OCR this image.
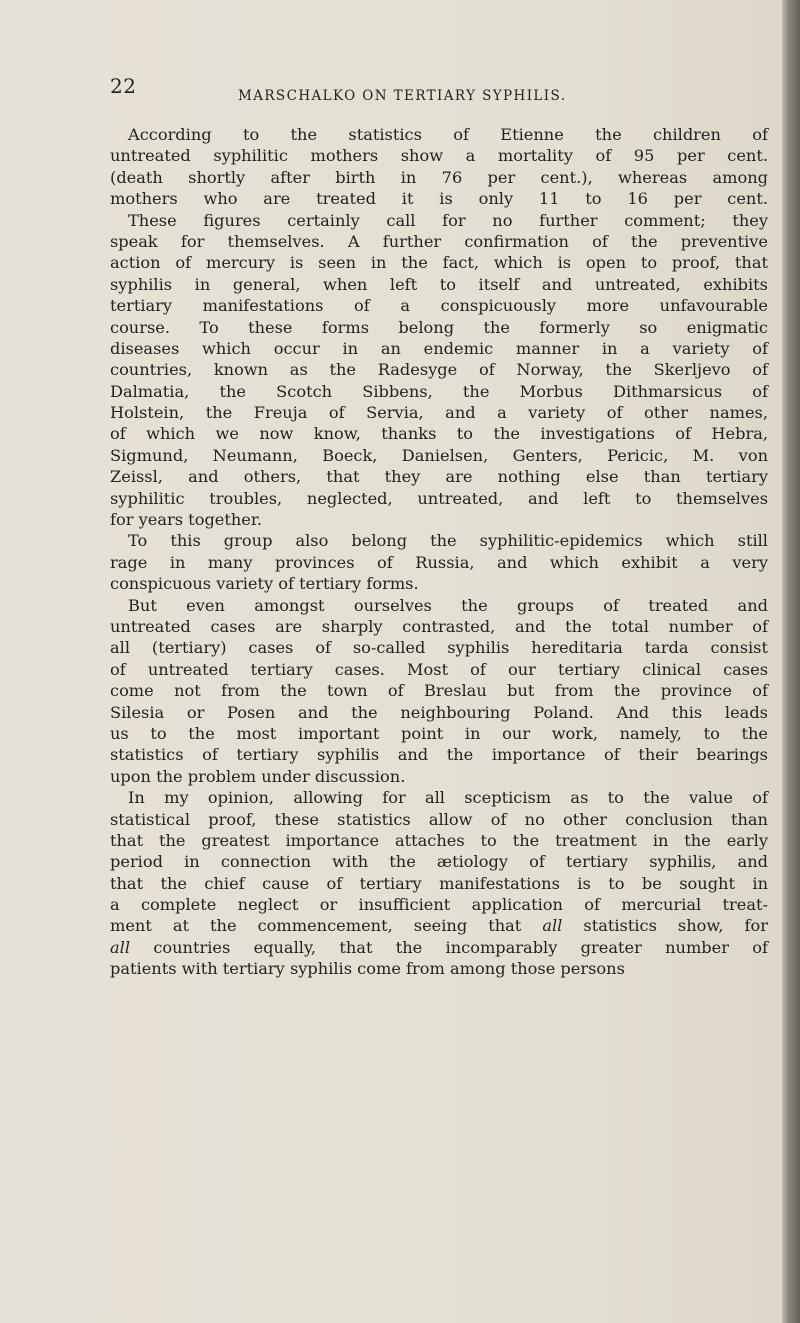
22	MARSCHALKO ON TERTIARY SYPHILIS.
According to the statistics of Etienne the children of
untreated syphilitic mothers show a mortality of 95 per cent.
(death shortly after birth in 76 per cent.), whereas among
mothers who are treated it is only 11 to 16 per cent.
These figures certainly call for no further comment; they
speak for themselves. A further confirmation of the preventive
action of mercury is seen in the fact, which is open to proof, that
syphilis in general, when left to itself and untreated, exhibits
tertiary manifestations of a conspicuously more unfavourable
course. To these forms belong the formerly so enigmatic
diseases which occur in an endemic manner in a variety of
countries, known as the Radesyge of Norway, the Skerljevo of
Dalmatia, the Scotch Sibbens, the Morbus Dithmarsicus of
Holstein, the Freuja of Servia, and a variety of other names,
of which we now know, thanks to the investigations of Hebra,
Sigmund, Neumann, Boeck, Danielsen, Genters, Pericic, M. von
Zeissl, and others, that they are nothing else than tertiary
syphilitic troubles, neglected, untreated, and left to themselves
for years together.
To this group also belong the syphilitic-epidemics which still
rage in many provinces of Russia, and which exhibit a very
conspicuous variety of tertiary forms.
But even amongst ourselves the groups of treated and
untreated cases are sharply contrasted, and the total number of
all (tertiary) cases of so-called syphilis hereditaria tarda consist
of untreated tertiary cases. Most of our tertiary clinical cases
come not from the town of Breslau but from the province of
Silesia or Posen and the neighbouring Poland. And this leads
us to the most important point in our work, namely, to the
statistics of tertiary syphilis and the importance of their bearings
upon the problem under discussion.
In my opinion, allowing for all scepticism as to the value of
statistical proof, these statistics allow of no other conclusion than
that the greatest importance attaches to the treatment in the early
period in connection with the ætiology of tertiary syphilis, and
that the chief cause of tertiary manifestations is to be sought in
a complete neglect or insufficient application of mercurial treat-
ment at the commencement, seeing that all statistics show, for
all countries equally, that the incomparably greater number of
patients with tertiary syphilis come from among those persons
